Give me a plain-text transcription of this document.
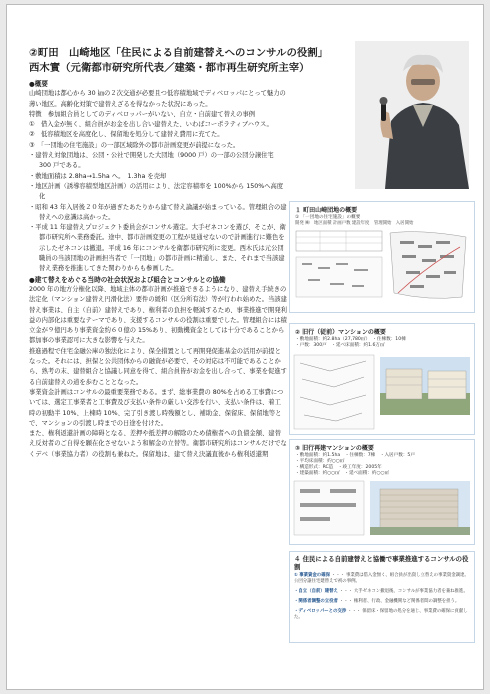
②町田　山崎地区「住民による自前建替えへのコンサルの役割」
西木實（元衛都市研究所代表／建築・都市再生研究所主宰）

●概要

山崎団地は都心から 30 ㎞の２次交通が必要且つ低容積地域でディベロッパにとって魅力の薄い地区。高齢化対策で建替えざるを得なかった状況にあった。

特徴　参加組合員としてのディベロッパーがいない、自立・自前建て替えの事例

①　借入金が無く、組合員がお金を出し合い建替えた、いわばコーポラティブハウス。

②　低容積地区を高度化し、保留地を処分して建替え費用に充てた。

③　「一団地の住宅施設」の一部区域除外の都市計画変更が前提になった。

・建替え対象団地は、公団・公社で開発した大団地（9000 戸）の一部の公団分譲住宅 300 戸である。

・敷地面積は 2.8ha→1.5ha へ。　1.3ha を売却

・地区計画（誘導容積型地区計画）の活用により、法定容積率を 100%から 150%へ高度化

・昭和 43 年入居後２０年が過ぎたあたりから建て替え論議が始まっている。管理組合の建替えへの意識は高かった。

・平成 11 年建替えプロジェクト委員会がコンサル選定。大手ゼネコンを選び、そこが、衛都市研究所へ業務委託。途中、都市計画変更の工程が見通せないので計画進行に難色を示したゼネコンは撤退。平成 16 年にコンサルを衛都市研究所に変更。西木氏は元公団職員の当該団地の計画担当者で「一団地」の都市計画に精通し、また、それまで当該建替え業務を推進してきた関わりからも参画した。

●建て替えをめぐる当時の社会状況および組合とコンサルとの協働

2000 年の地方分権化以降、地域主体の都市計画が推進できるようになり、建替え手続きの法定化（マンション建替え円滑化法）要件の緩和（区分所有法）等が行われ始めた。当該建替え事業は、自主（自前）建替えであり、権利者の負担を軽減するため、事業推進で開発利益の内部化は重要なテーマであり、支援するコンサルの役割は重要でした。管理組合には積立金が９億円あり事業資金約６０億の 15%あり、初動機資金としては十分であることから都加事の事業認可に大きな影響を与えた。

推進過程で住宅金融公庫の独法化により、保全措置として再開発促進基金の活用が前提となった。それには、担保と公共団体からの融資が必要で、その対応は不可能であることから、熟考の末、建替組合と協議し同意を得て、組合員皆がお金を出し合って、事業を促進する自前建替えの道を歩むこととなった。

事業資金計画はコンサルの最重要業務である。まず、総事業費の 80%を占める工事費については、選定工事業者と工事費及び支払い条件の厳しい交渉を行い、支払い条件は、着工時の初動半 10%、上棟時 10%、完了引き渡し時残額とし、補助金、保留床、保留地等とで、マンションの引渡し時までの日途を付けた。

また、権利返還計画の障碍となる、差押や抵差押の解除のため債権者への負債金額、建替え反対者のご自得を願在化させないよう和解金の立替等。衛都市研究所はコンサルだけでなくデベ（事業協力者）の役割も兼ねた。保留地は、建て替え決議直後から権利返還期

１ 町田山崎団地の概要
① 「一団地の住宅施設」の概要
開発 ㈱　地区面積 計画戸数 建設年度　管理開始　入居開始
② 旧行（従前）マンションの概要
・敷地面積：約2.8ha（27,780㎡）　・住棟数：10棟
・戸数：300戸　・延べ床面積：約1.6万㎡
③ 旧行再建マンションの概要
・敷地面積：約1.5ha　・住棟数：7棟　・入居戸数：5戸
・平均床面積：約○○㎡
・構造形式：RC造　・竣工年度：2005年
・建築面積：約○○㎡　・延べ面積：約○○㎡
４ 住民による自前建替えと協働で事業推進するコンサルの役割
① 事業資金の確保 ・・・ 事業費は借入金無く、組合員が出資し立替えの事業資金調達。公団分譲住宅建替えで初の事例。
・自立（自前）建替え ・・・ 大手ゼネコン撤退後、コンサルが事業協力者を兼ね推進。
・関係者調整の立役者 ・・・ 権利者、行政、金融機関など関係者間の調整を担う。
・ディベロッパーとの交渉 ・・・ 保留床・保留地の処分を通じ、事業費の確保に貢献した。
